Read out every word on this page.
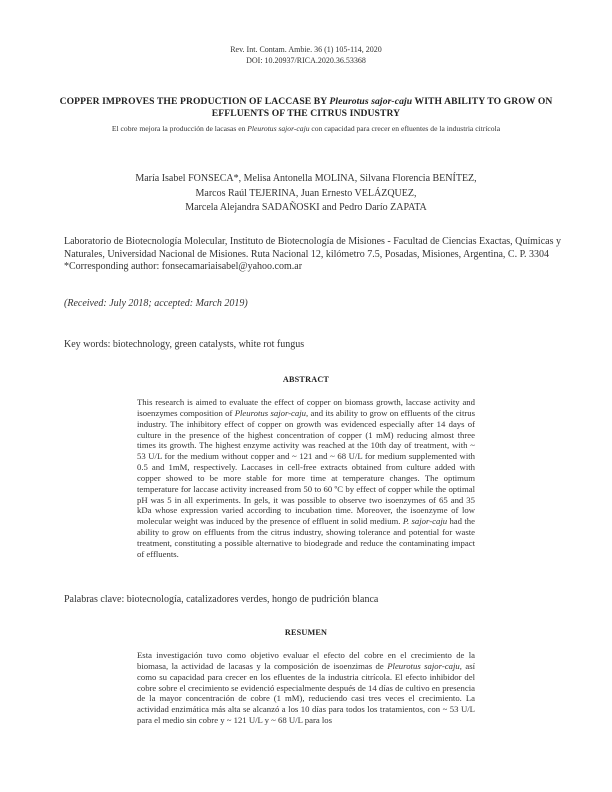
Rev. Int. Contam. Ambie. 36 (1) 105-114, 2020
DOI: 10.20937/RICA.2020.36.53368
COPPER IMPROVES THE PRODUCTION OF LACCASE BY Pleurotus sajor-caju WITH ABILITY TO GROW ON EFFLUENTS OF THE CITRUS INDUSTRY
El cobre mejora la producción de lacasas en Pleurotus sajor-caju con capacidad para crecer en efluentes de la industria citrícola
María Isabel FONSECA*, Melisa Antonella MOLINA, Silvana Florencia BENÍTEZ,
Marcos Raúl TEJERINA, Juan Ernesto VELÁZQUEZ,
Marcela Alejandra SADAÑOSKI and Pedro Darío ZAPATA
Laboratorio de Biotecnología Molecular, Instituto de Biotecnología de Misiones - Facultad de Ciencias Exactas, Químicas y Naturales, Universidad Nacional de Misiones. Ruta Nacional 12, kilómetro 7.5, Posadas, Misiones, Argentina, C. P. 3304
*Corresponding author: fonsecamariaisabel@yahoo.com.ar
(Received: July 2018; accepted: March 2019)
Key words: biotechnology, green catalysts, white rot fungus
ABSTRACT
This research is aimed to evaluate the effect of copper on biomass growth, laccase activity and isoenzymes composition of Pleurotus sajor-caju, and its ability to grow on effluents of the citrus industry. The inhibitory effect of copper on growth was evidenced especially after 14 days of culture in the presence of the highest concentration of copper (1 mM) reducing almost three times its growth. The highest enzyme activity was reached at the 10th day of treatment, with ~ 53 U/L for the medium without copper and ~ 121 and ~ 68 U/L for medium supplemented with 0.5 and 1mM, respectively. Laccases in cell-free extracts obtained from culture added with copper showed to be more stable for more time at temperature changes. The optimum temperature for laccase activity increased from 50 to 60 ºC by effect of copper while the optimal pH was 5 in all experiments. In gels, it was possible to observe two isoenzymes of 65 and 35 kDa whose expression varied according to incubation time. Moreover, the isoenzyme of low molecular weight was induced by the presence of effluent in solid medium. P. sajor-caju had the ability to grow on effluents from the citrus industry, showing tolerance and potential for waste treatment, constituting a possible alternative to biodegrade and reduce the contaminating impact of effluents.
Palabras clave: biotecnología, catalizadores verdes, hongo de pudrición blanca
RESUMEN
Esta investigación tuvo como objetivo evaluar el efecto del cobre en el crecimiento de la biomasa, la actividad de lacasas y la composición de isoenzimas de Pleurotus sajor-caju, así como su capacidad para crecer en los efluentes de la industria citrícola. El efecto inhibidor del cobre sobre el crecimiento se evidenció especialmente después de 14 días de cultivo en presencia de la mayor concentración de cobre (1 mM), reduciendo casi tres veces el crecimiento. La actividad enzimática más alta se alcanzó a los 10 días para todos los tratamientos, con ~ 53 U/L para el medio sin cobre y ~ 121 U/L y ~ 68 U/L para los
